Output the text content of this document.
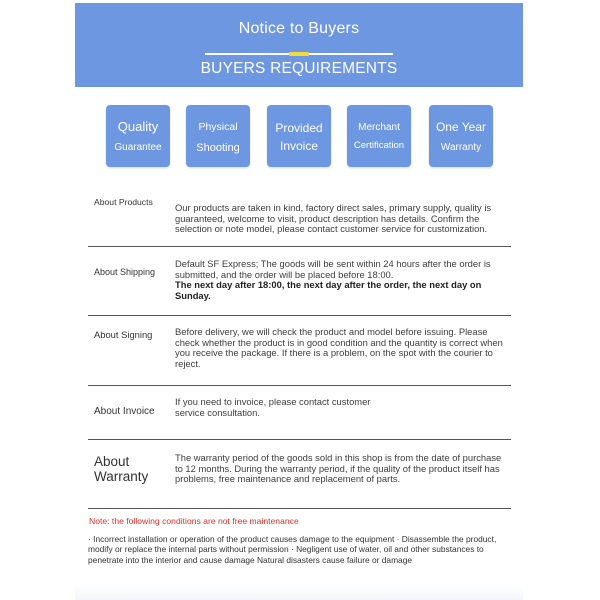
Notice to Buyers
BUYERS REQUIREMENTS
Quality
Guarantee
Physical
Shooting
Provided
Invoice
Merchant
Certification
One Year
Warranty
About Products Our products are taken in kind, factory direct sales, primary supply, quality is guaranteed, welcome to visit, product description has details. Confirm the selection or note model, please contact customer service for customization.
About Shipping
Default SF Express; The goods will be sent within 24 hours after the order is submitted, and the order will be placed before 18:00.
The next day after 18:00, the next day after the order, the next day on Sunday.
About Signing Before delivery, we will check the product and model before issuing. Please check whether the product is in good condition and the quantity is correct when you receive the package. If there is a problem, on the spot with the courier to reject.
About Invoice
If you need to invoice, please contact customer service consultation.
About
Warranty
The warranty period of the goods sold in this shop is from the date of purchase to 12 months. During the warranty period, if the quality of the product itself has problems, free maintenance and replacement of parts.
Note: the following conditions are not free maintenance
· Incorrect installation or operation of the product causes damage to the equipment · Disassemble the product, modify or replace the internal parts without permission · Negligent use of water, oil and other substances to penetrate into the interior and cause damage Natural disasters cause failure or damage
